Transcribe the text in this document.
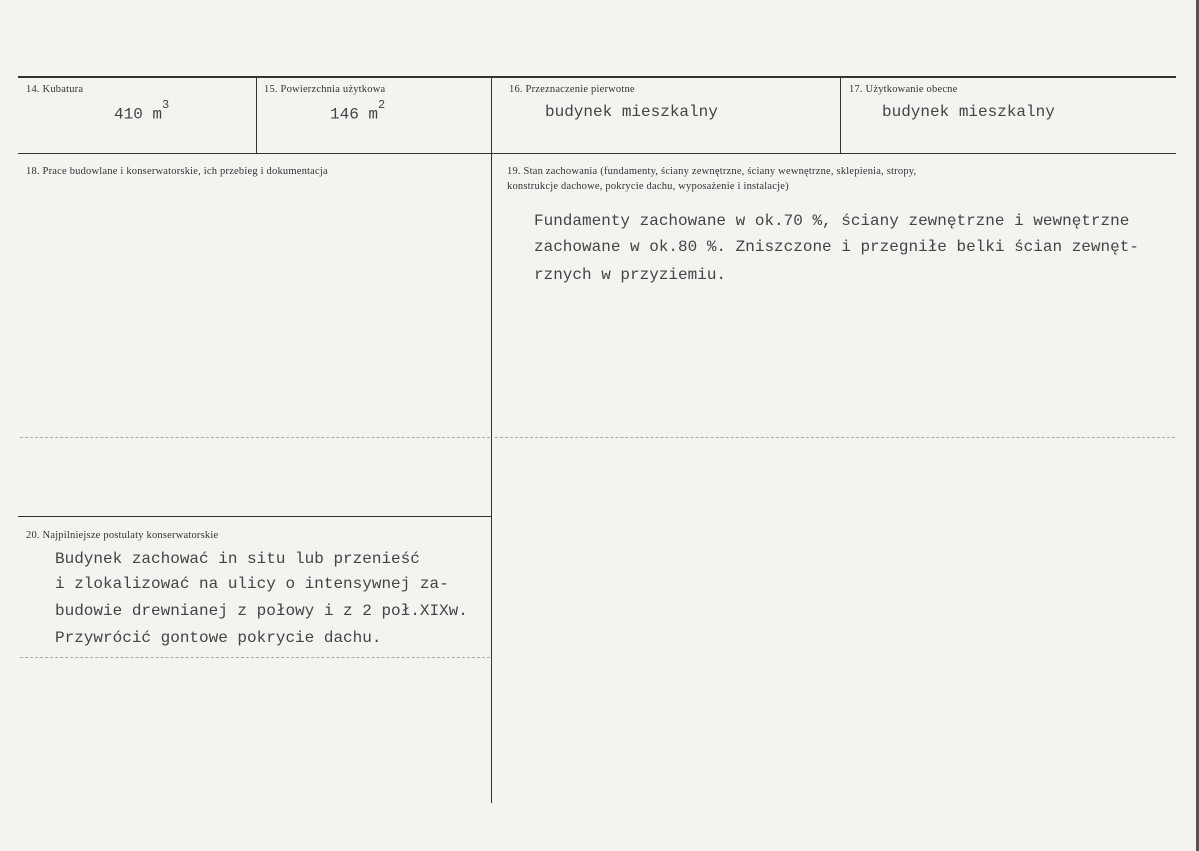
14. Kubatura
410 $m^3$
15. Powierzchnia użytkowa
146 $m^2$
16. Przeznaczenie pierwotne
budynek mieszkalny
17. Użytkowanie obecne
budynek mieszkalny
18. Prace budowlane i konserwatorskie, ich przebieg i dokumentacja	19. Stan zachowania (fundamenty, ściany zewnętrzne, ściany wewnętrzne, sklepienia, stropy,
konstrukcje dachowe, pokrycie dachu, wyposażenie i instalacje)
Fundamenty zachowane w ok.70 %, ściany zewnętrzne i wewnętrzne
zachowane w ok.80 %. Zniszczone i przegniłe belki ścian zewnęt-
rznych w przyziemiu.
20. Najpilniejsze postulaty konserwatorskie
Budynek zachować in situ lub przenieść
i zlokalizować na ulicy o intensywnej za-
budowie drewnianej z połowy i z 2 poł.XIXw.
Przywrócić gontowe pokrycie dachu.
